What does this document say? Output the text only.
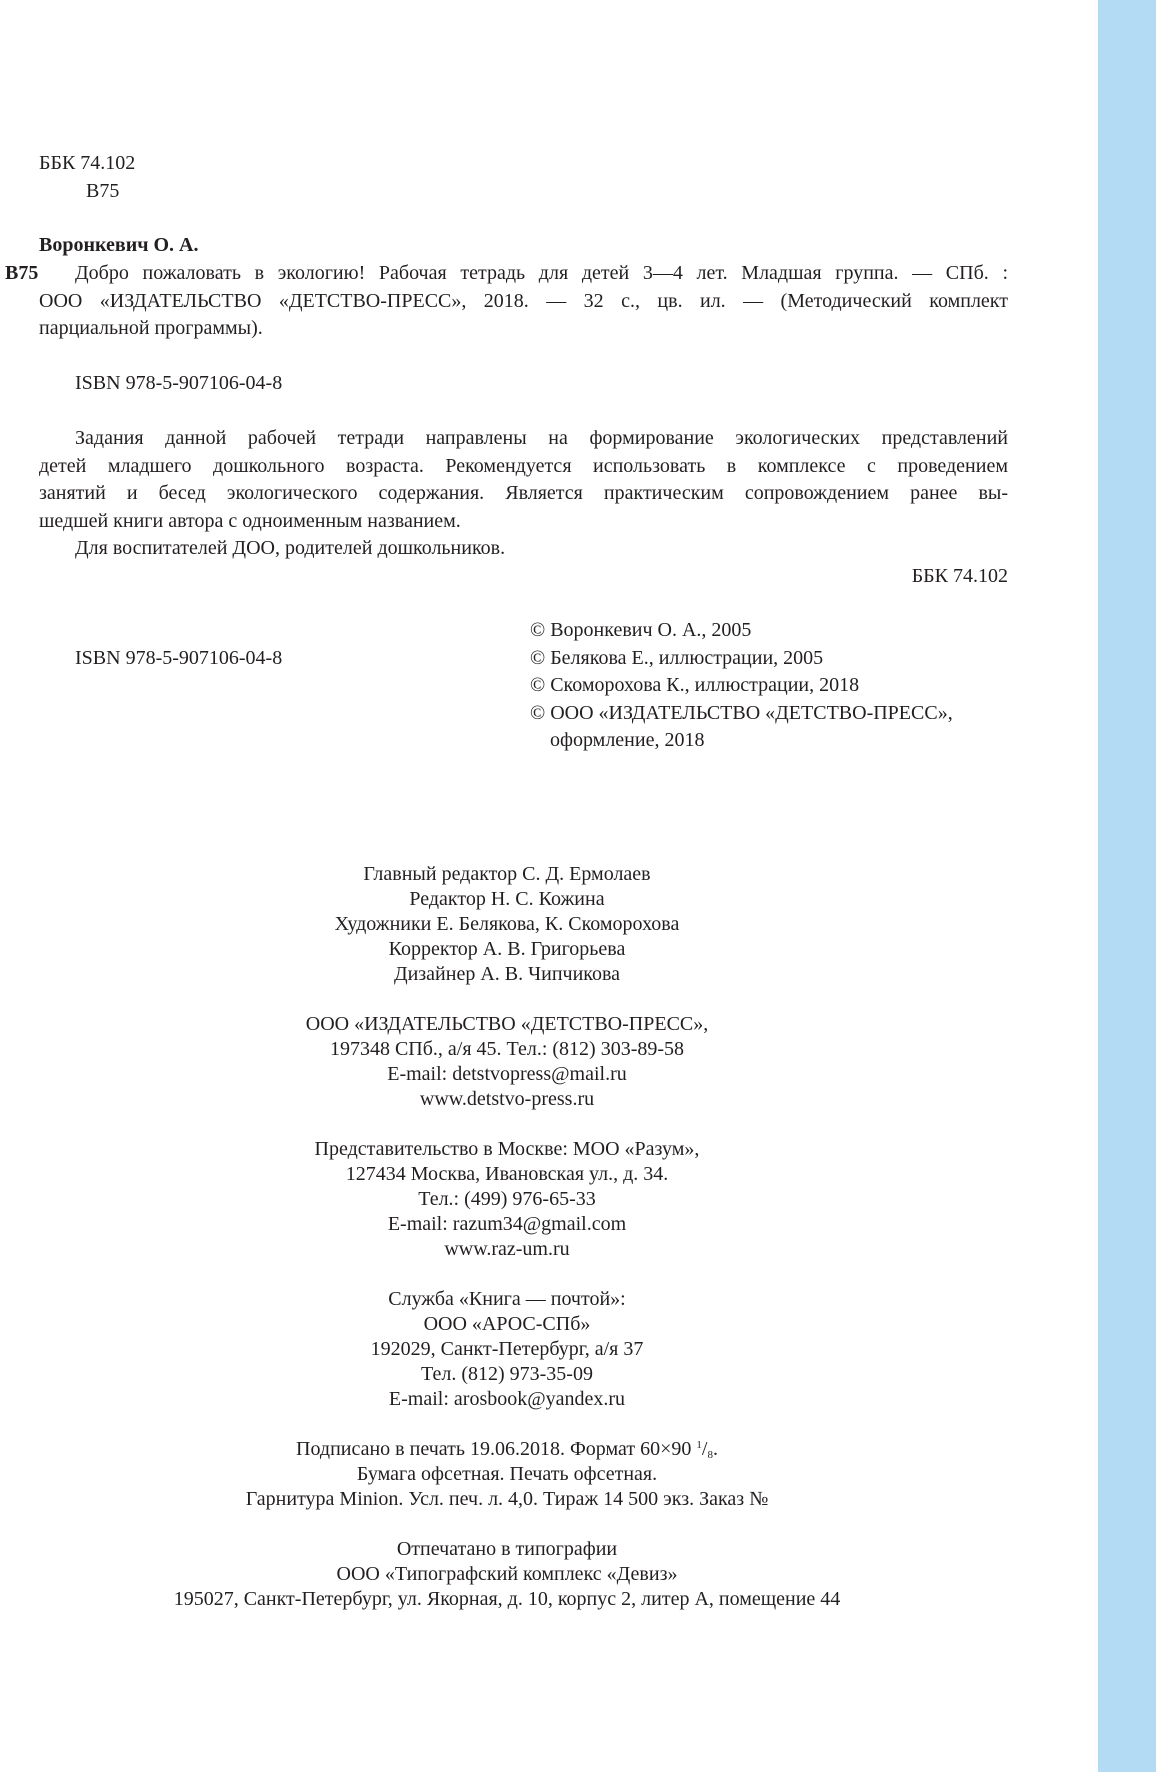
ББК 74.102
В75
Воронкевич О. А.
В75 Добро пожаловать в экологию! Рабочая тетрадь для детей 3—4 лет. Младшая группа. — СПб. :
ООО «ИЗДАТЕЛЬСТВО «ДЕТСТВО-ПРЕСС», 2018. — 32 с., цв. ил. — (Методический комплект
парциальной программы).
ISBN 978-5-907106-04-8
Задания данной рабочей тетради направлены на формирование экологических представлений
детей младшего дошкольного возраста. Рекомендуется использовать в комплексе с проведением
занятий и бесед экологического содержания. Является практическим сопровождением ранее вы-
шедшей книги автора с одноименным названием.
Для воспитателей ДОО, родителей дошкольников.
ББК 74.102
ISBN 978-5-907106-04-8
© Воронкевич О. А., 2005
© Белякова Е., иллюстрации, 2005
© Скоморохова К., иллюстрации, 2018
© ООО «ИЗДАТЕЛЬСТВО «ДЕТСТВО-ПРЕСС»,
оформление, 2018
Главный редактор С. Д. Ермолаев
Редактор Н. С. Кожина
Художники Е. Белякова, К. Скоморохова
Корректор А. В. Григорьева
Дизайнер А. В. Чипчикова
ООО «ИЗДАТЕЛЬСТВО «ДЕТСТВО-ПРЕСС»,
197348 СПб., а/я 45. Тел.: (812) 303-89-58
E-mail: detstvopress@mail.ru
www.detstvo-press.ru
Представительство в Москве: МОО «Разум»,
127434 Москва, Ивановская ул., д. 34.
Тел.: (499) 976-65-33
E-mail: razum34@gmail.com
www.raz-um.ru
Служба «Книга — почтой»:
ООО «АРОС-СПб»
192029, Санкт-Петербург, а/я 37
Тел. (812) 973-35-09
E-mail: arosbook@yandex.ru
Подписано в печать 19.06.2018. Формат 60×90 $^1/_8$.
Бумага офсетная. Печать офсетная.
Гарнитура Minion. Усл. печ. л. 4,0. Тираж 14 500 экз. Заказ №
Отпечатано в типографии
ООО «Типографский комплекс «Девиз»
195027, Санкт-Петербург, ул. Якорная, д. 10, корпус 2, литер А, помещение 44
